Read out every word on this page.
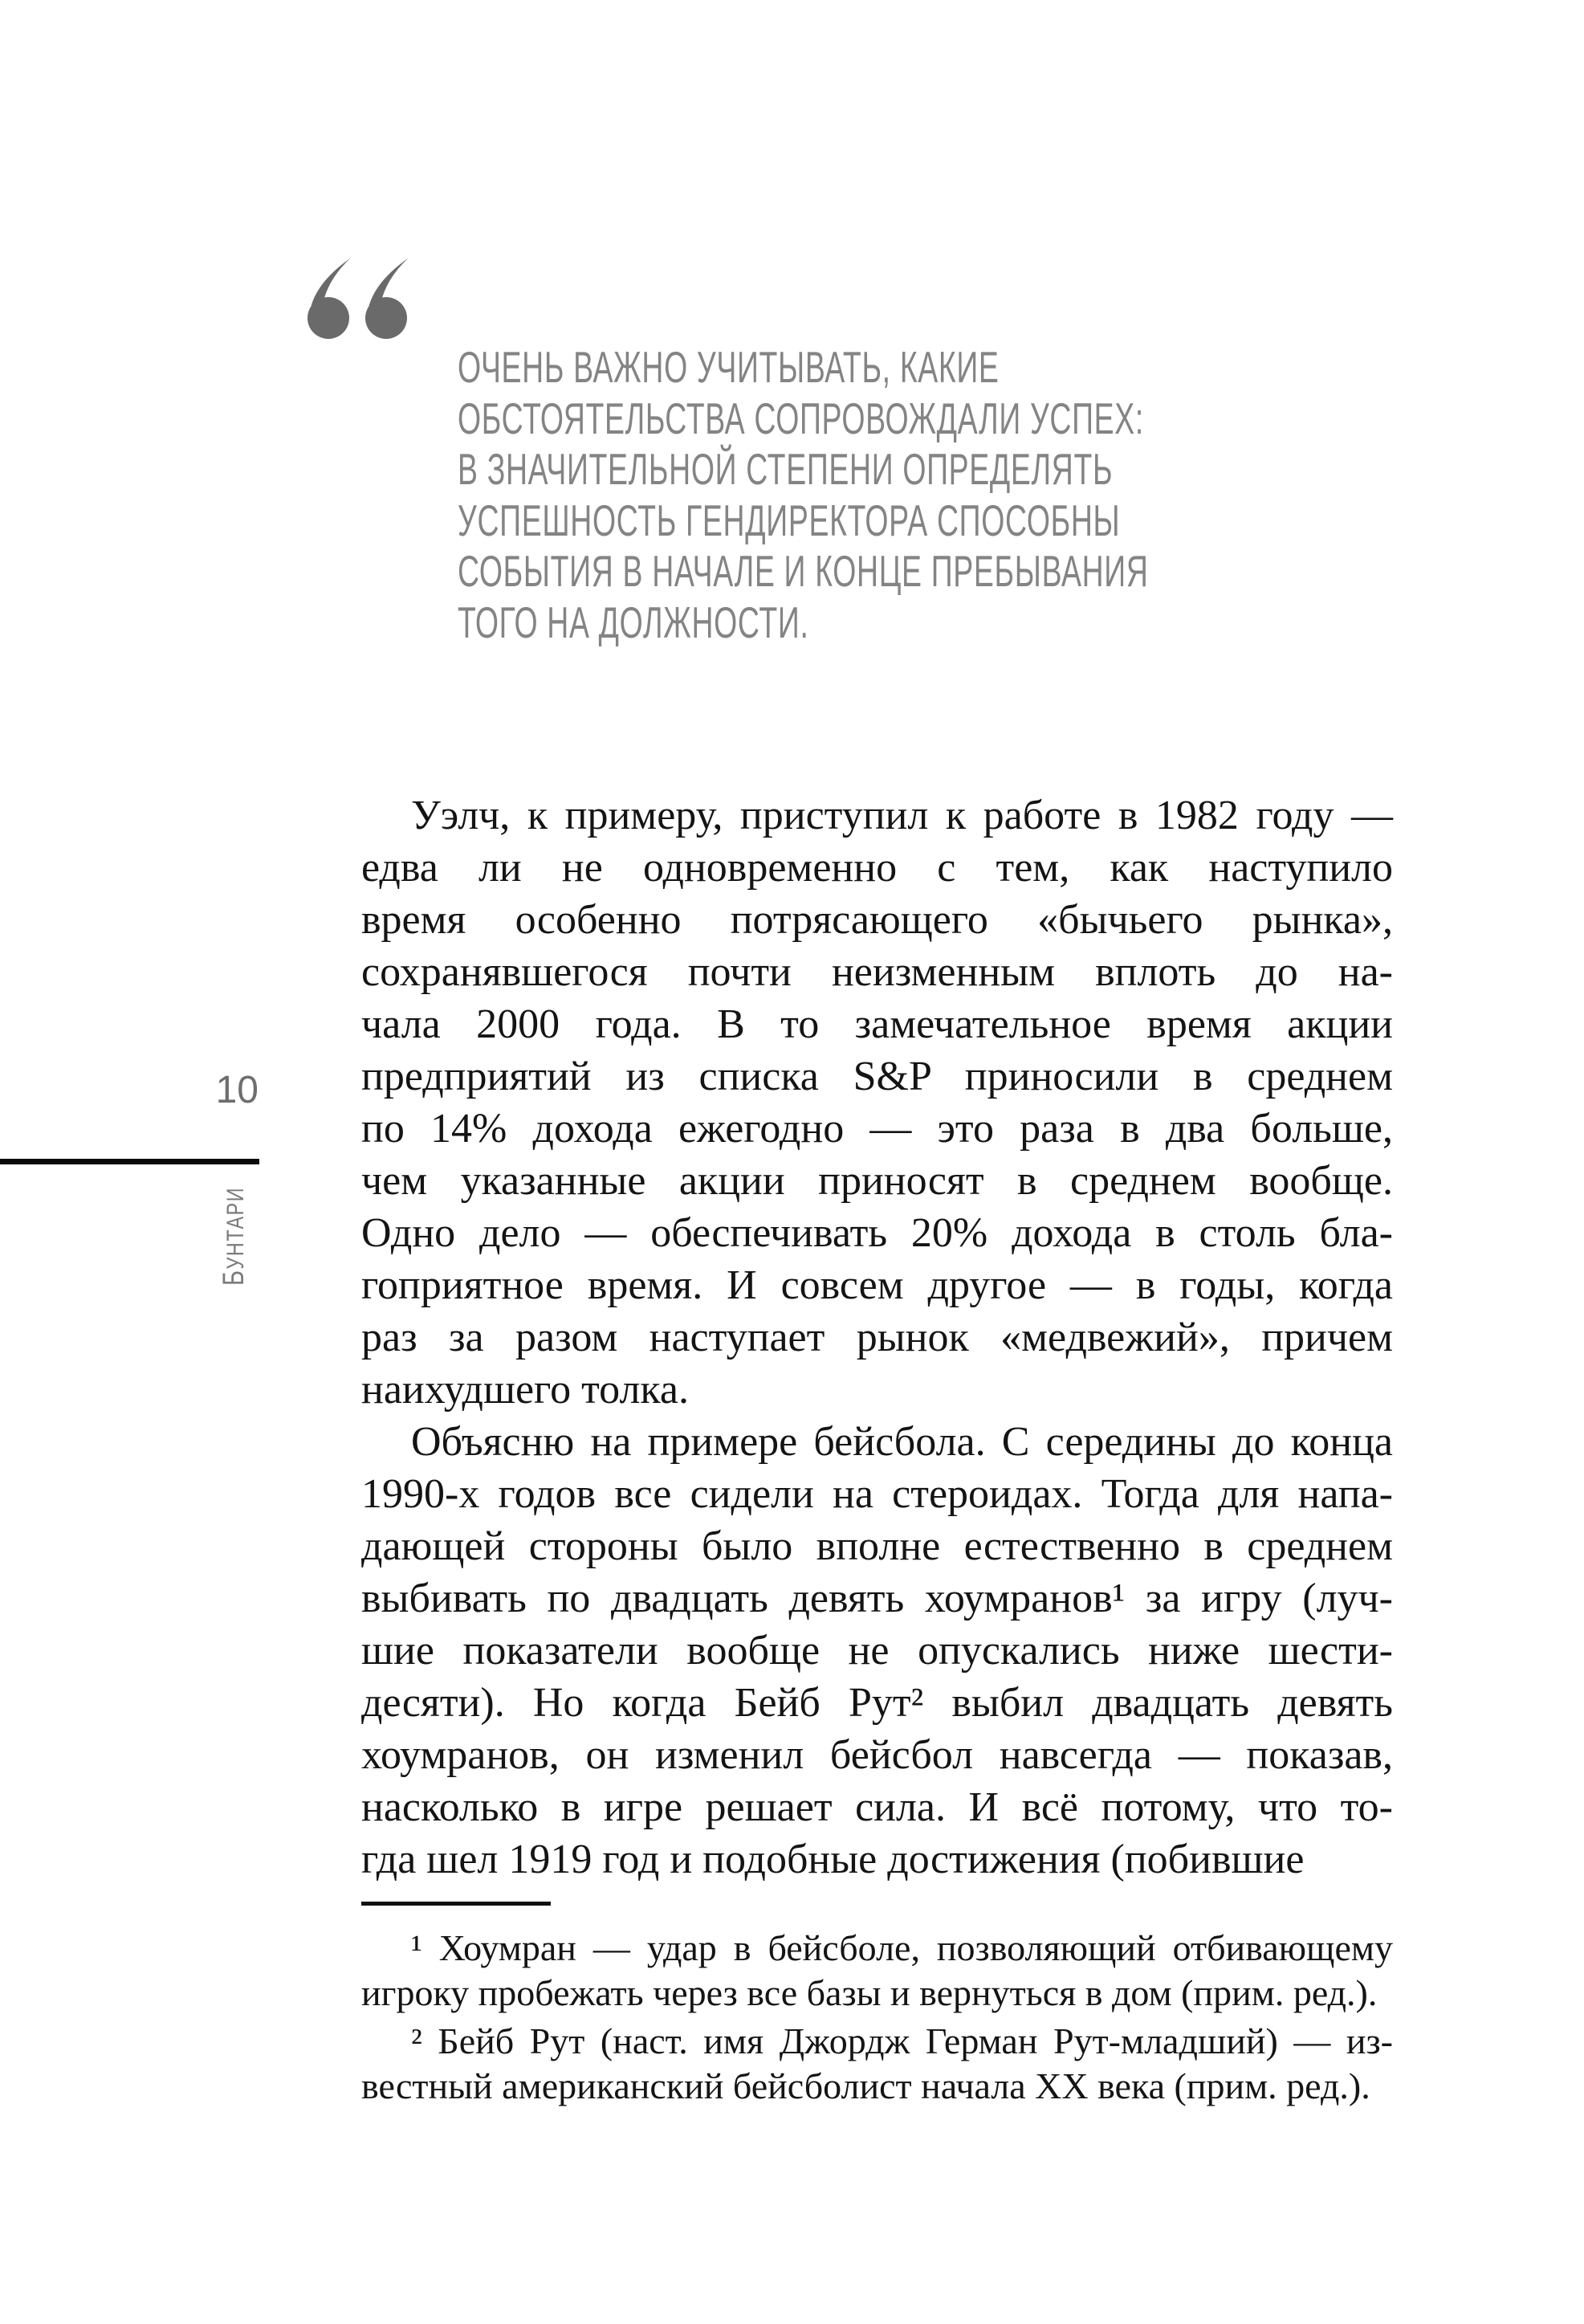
ОЧЕНЬ ВАЖНО УЧИТЫВАТЬ, КАКИЕ
ОБСТОЯТЕЛЬСТВА СОПРОВОЖДАЛИ УСПЕХ:
В ЗНАЧИТЕЛЬНОЙ СТЕПЕНИ ОПРЕДЕЛЯТЬ
УСПЕШНОСТЬ ГЕНДИРЕКТОРА СПОСОБНЫ
СОБЫТИЯ В НАЧАЛЕ И КОНЦЕ ПРЕБЫВАНИЯ
ТОГО НА ДОЛЖНОСТИ.
10
БУНТАРИ
Уэлч, к примеру, приступил к работе в 1982 году —
едва ли не одновременно с тем, как наступило
время особенно потрясающего «бычьего рынка»,
сохранявшегося почти неизменным вплоть до на-
чала 2000 года. В то замечательное время акции
предприятий из списка S&P приносили в среднем
по 14% дохода ежегодно — это раза в два больше,
чем указанные акции приносят в среднем вообще.
Одно дело — обеспечивать 20% дохода в столь бла-
гоприятное время. И совсем другое — в годы, когда
раз за разом наступает рынок «медвежий», причем
наихудшего толка.
Объясню на примере бейсбола. С середины до конца
1990-х годов все сидели на стероидах. Тогда для напа-
дающей стороны было вполне естественно в среднем
выбивать по двадцать девять хоумранов¹ за игру (луч-
шие показатели вообще не опускались ниже шести-
десяти). Но когда Бейб Рут² выбил двадцать девять
хоумранов, он изменил бейсбол навсегда — показав,
насколько в игре решает сила. И всё потому, что то-
гда шел 1919 год и подобные достижения (побившие
¹ Хоумран — удар в бейсболе, позволяющий отбивающему
игроку пробежать через все базы и вернуться в дом (прим. ред.).
² Бейб Рут (наст. имя Джордж Герман Рут-младший) — из-
вестный американский бейсболист начала XX века (прим. ред.).
